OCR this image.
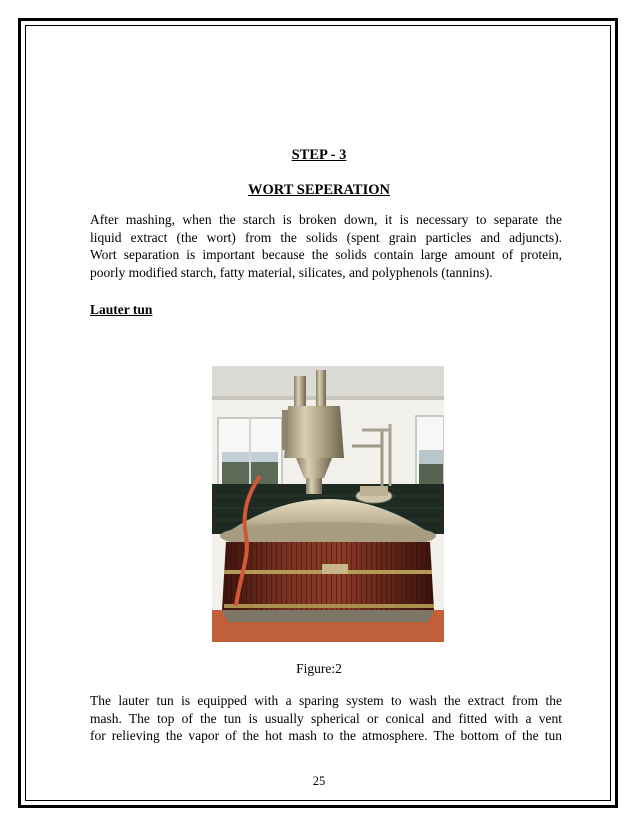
STEP - 3
WORT SEPERATION
After mashing, when the starch is broken down, it is necessary to separate the
liquid extract (the wort) from the solids (spent grain particles and adjuncts).
Wort separation is important because the solids contain large amount of protein,
poorly modified starch, fatty material, silicates, and polyphenols (tannins).
Lauter tun
Figure:2
The lauter tun is equipped with a sparing system to wash the extract from the
mash. The top of the tun is usually spherical or conical and fitted with a vent
for relieving the vapor of the hot mash to the atmosphere. The bottom of the tun
25
